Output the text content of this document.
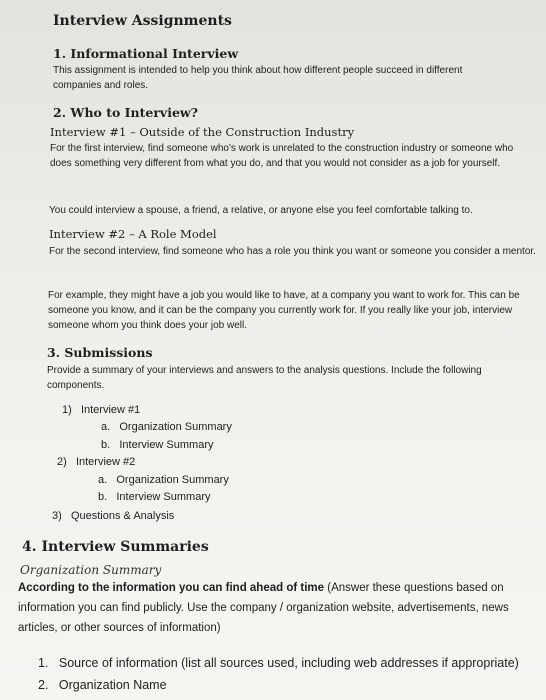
Interview Assignments
1. Informational Interview
This assignment is intended to help you think about how different people succeed in different companies and roles.
2. Who to Interview?
Interview #1 – Outside of the Construction Industry
For the first interview, find someone who's work is unrelated to the construction industry or someone who does something very different from what you do, and that you would not consider as a job for yourself.
You could interview a spouse, a friend, a relative, or anyone else you feel comfortable talking to.
Interview #2 – A Role Model
For the second interview, find someone who has a role you think you want or someone you consider a mentor.
For example, they might have a job you would like to have, at a company you want to work for. This can be someone you know, and it can be the company you currently work for. If you really like your job, interview someone whom you think does your job well.
3. Submissions
Provide a summary of your interviews and answers to the analysis questions. Include the following components.
1) Interview #1
a. Organization Summary
b. Interview Summary
2) Interview #2
a. Organization Summary
b. Interview Summary
3) Questions & Analysis
4. Interview Summaries
Organization Summary
According to the information you can find ahead of time (Answer these questions based on information you can find publicly. Use the company / organization website, advertisements, news articles, or other sources of information)
1. Source of information (list all sources used, including web addresses if appropriate)
2. Organization Name
